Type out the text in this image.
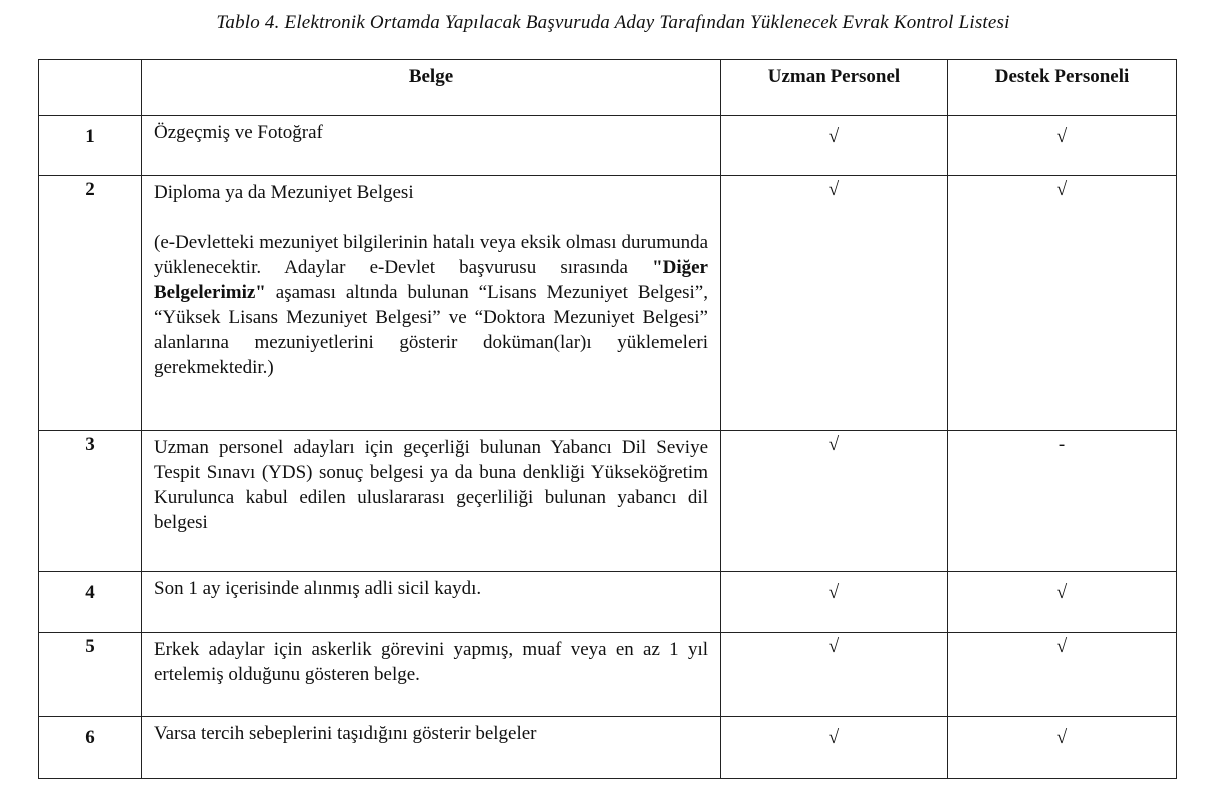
Tablo 4. Elektronik Ortamda Yapılacak Başvuruda Aday Tarafından Yüklenecek Evrak Kontrol Listesi
	Belge	Uzman Personel	Destek Personeli
1	Özgeçmiş ve Fotoğraf	√	√
2	Diploma ya da Mezuniyet Belgesi

(e-Devletteki mezuniyet bilgilerinin hatalı veya eksik olması durumunda yüklenecektir. Adaylar e-Devlet başvurusu sırasında "Diğer Belgelerimiz" aşaması altında bulunan “Lisans Mezuniyet Belgesi”, “Yüksek Lisans Mezuniyet Belgesi” ve “Doktora Mezuniyet Belgesi” alanlarına mezuniyetlerini gösterir doküman(lar)ı yüklemeleri gerekmektedir.)	√	√
3	Uzman personel adayları için geçerliği bulunan Yabancı Dil Seviye Tespit Sınavı (YDS) sonuç belgesi ya da buna denkliği Yükseköğretim Kurulunca kabul edilen uluslararası geçerliliği bulunan yabancı dil belgesi	√	-
4	Son 1 ay içerisinde alınmış adli sicil kaydı.	√	√
5	Erkek adaylar için askerlik görevini yapmış, muaf veya en az 1 yıl ertelemiş olduğunu gösteren belge.	√	√
6	Varsa tercih sebeplerini taşıdığını gösterir belgeler	√	√
